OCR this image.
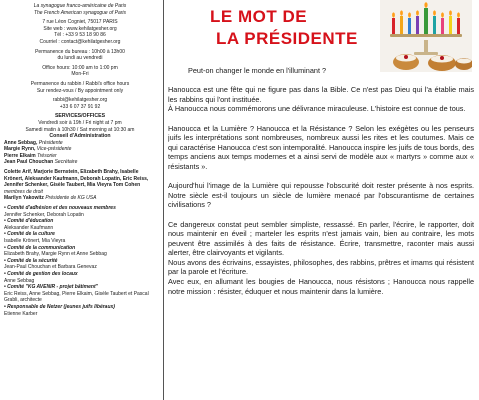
La synagogue franco-américaine de Paris
The French American synagogue of Paris
7 rue Léon Cogniet, 75017 PARIS
Site web : www.kehilatgesher.org
Tél : +33 9 53 18 90 86
Courriel : contact@kehilatgesher.org
Permanence du bureau : 10h00 à 13h00
du lundi au vendredi
Office hours: 10:00 am to 1:00 pm
Mon-Fri
Permanence du rabbin / Rabbi's office hours
Sur rendez-vous / By appointment only
rabbi@kehilatgesher.org
+33 6 07 37 91 92
SERVICES/OFFICES
Vendredi soir à 19h / Fri night at 7 pm
Samedi matin à 10h30 / Sat morning at 10:30 am
Conseil d'Administration
Anne Sebbag, Présidente
Margie Rynn, Vice-présidente
Pierre Elkaim Trésorier
Jean Paul Chouchan Secrétaire
Colette Arif, Marjorie Bernstein, Elizabeth Brahy, Isabelle Krönert, Aleksander Kaufmann, Deborah Lopatin, Eric Reiss, Jennifer Schenker, Gisèle Taubert, Mia Vieyra Tom Cohen membres de droit
Marilyn Yakowitz Présidente de KG USA
• Comité d'adhésion et des nouveaux membres
Jennifer Schenker, Deborah Lopatin
• Comité d'éducation
Aleksander Kaufmann
• Comité de la culture
Isabelle Krönert, Mia Vieyra
• Comité de la communication
Elizabeth Brahy, Margie Rynn et Anne Sebbag
• Comité de la sécurité
Jean-Paul Chouchan et Barbara Genevaz
• Comité de gestion des locaux
Anne Sebbag
• Comité "KG AVENIR - projet bâtiment"
Eric Reiss, Anne Sebbag, Pierre Elkaim, Gisèle Taubert et Pascal Grabli, architecte
• Responsable de Netzer (jeunes juifs libéraux)
Etienne Karber
LE MOT DE
LA PRÉSIDENTE

Peut-on changer le monde en l'illuminant ?

Hanoucca est une fête qui ne figure pas dans la Bible. Ce n'est pas Dieu qui l'a établie mais les rabbins qui l'ont instituée.

À Hanoucca nous commémorons une délivrance miraculeuse. L'histoire est connue de tous.

Hanoucca et la Lumière ? Hanoucca et la Résistance ? Selon les exégètes ou les penseurs juifs les interprétations sont nombreuses, nombreux aussi les rites et les coutumes. Mais ce qui caractérise Hanoucca c'est son intemporalité. Hanoucca inspire les juifs de tous bords, des temps anciens aux temps modernes et a ainsi servi de modèle aux « martyrs » comme aux « résistants ».

Aujourd'hui l'image de la Lumière qui repousse l'obscurité doit rester présente à nos esprits. Notre siècle est-il toujours un siècle de lumière menacé par l'obscurantisme de certaines civilisations ?

Ce dangereux constat peut sembler simpliste, ressassé. En parler, l'écrire, le rapporter, doit nous maintenir en éveil ; marteler les esprits n'est jamais vain, bien au contraire, les mots peuvent être assimilés à des faits de résistance. Écrire, transmettre, raconter mais aussi alerter, être clairvoyants et vigilants.

Nous avons des écrivains, essayistes, philosophes, des rabbins, prêtres et imams qui résistent par la parole et l'écriture.

Avec eux, en allumant les bougies de Hanoucca, nous résistons ; Hanoucca nous rappelle notre mission : résister, éduquer et nous maintenir dans la lumière.
